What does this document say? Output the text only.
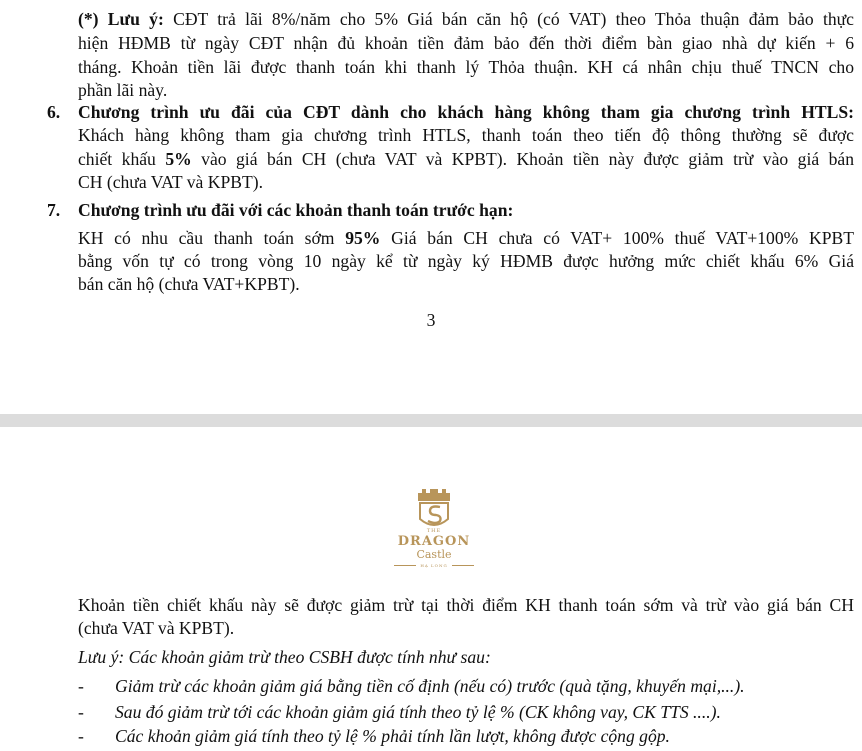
(*) Lưu ý: CĐT trả lãi 8%/năm cho 5% Giá bán căn hộ (có VAT) theo Thỏa thuận đảm bảo thực
hiện HĐMB từ ngày CĐT nhận đủ khoản tiền đảm bảo đến thời điểm bàn giao nhà dự kiến + 6
tháng. Khoản tiền lãi được thanh toán khi thanh lý Thỏa thuận. KH cá nhân chịu thuế TNCN cho
phần lãi này.
6. Chương trình ưu đãi của CĐT dành cho khách hàng không tham gia chương trình HTLS:
Khách hàng không tham gia chương trình HTLS, thanh toán theo tiến độ thông thường sẽ được
chiết khấu 5% vào giá bán CH (chưa VAT và KPBT). Khoản tiền này được giảm trừ vào giá bán
CH (chưa VAT và KPBT).
7. Chương trình ưu đãi với các khoản thanh toán trước hạn:
KH có nhu cầu thanh toán sớm 95% Giá bán CH chưa có VAT+ 100% thuế VAT+100% KPBT
bằng vốn tự có trong vòng 10 ngày kể từ ngày ký HĐMB được hưởng mức chiết khấu 6% Giá
bán căn hộ (chưa VAT+KPBT).
3
THE
DRAGON
Castle
HẠ LONG
Khoản tiền chiết khấu này sẽ được giảm trừ tại thời điểm KH thanh toán sớm và trừ vào giá bán CH
(chưa VAT và KPBT).
Lưu ý: Các khoản giảm trừ theo CSBH được tính như sau:
- Giảm trừ các khoản giảm giá bằng tiền cố định (nếu có) trước (quà tặng, khuyến mại,...).
- Sau đó giảm trừ tới các khoản giảm giá tính theo tỷ lệ % (CK không vay, CK TTS ....).
- Các khoản giảm giá tính theo tỷ lệ % phải tính lần lượt, không được cộng gộp.
